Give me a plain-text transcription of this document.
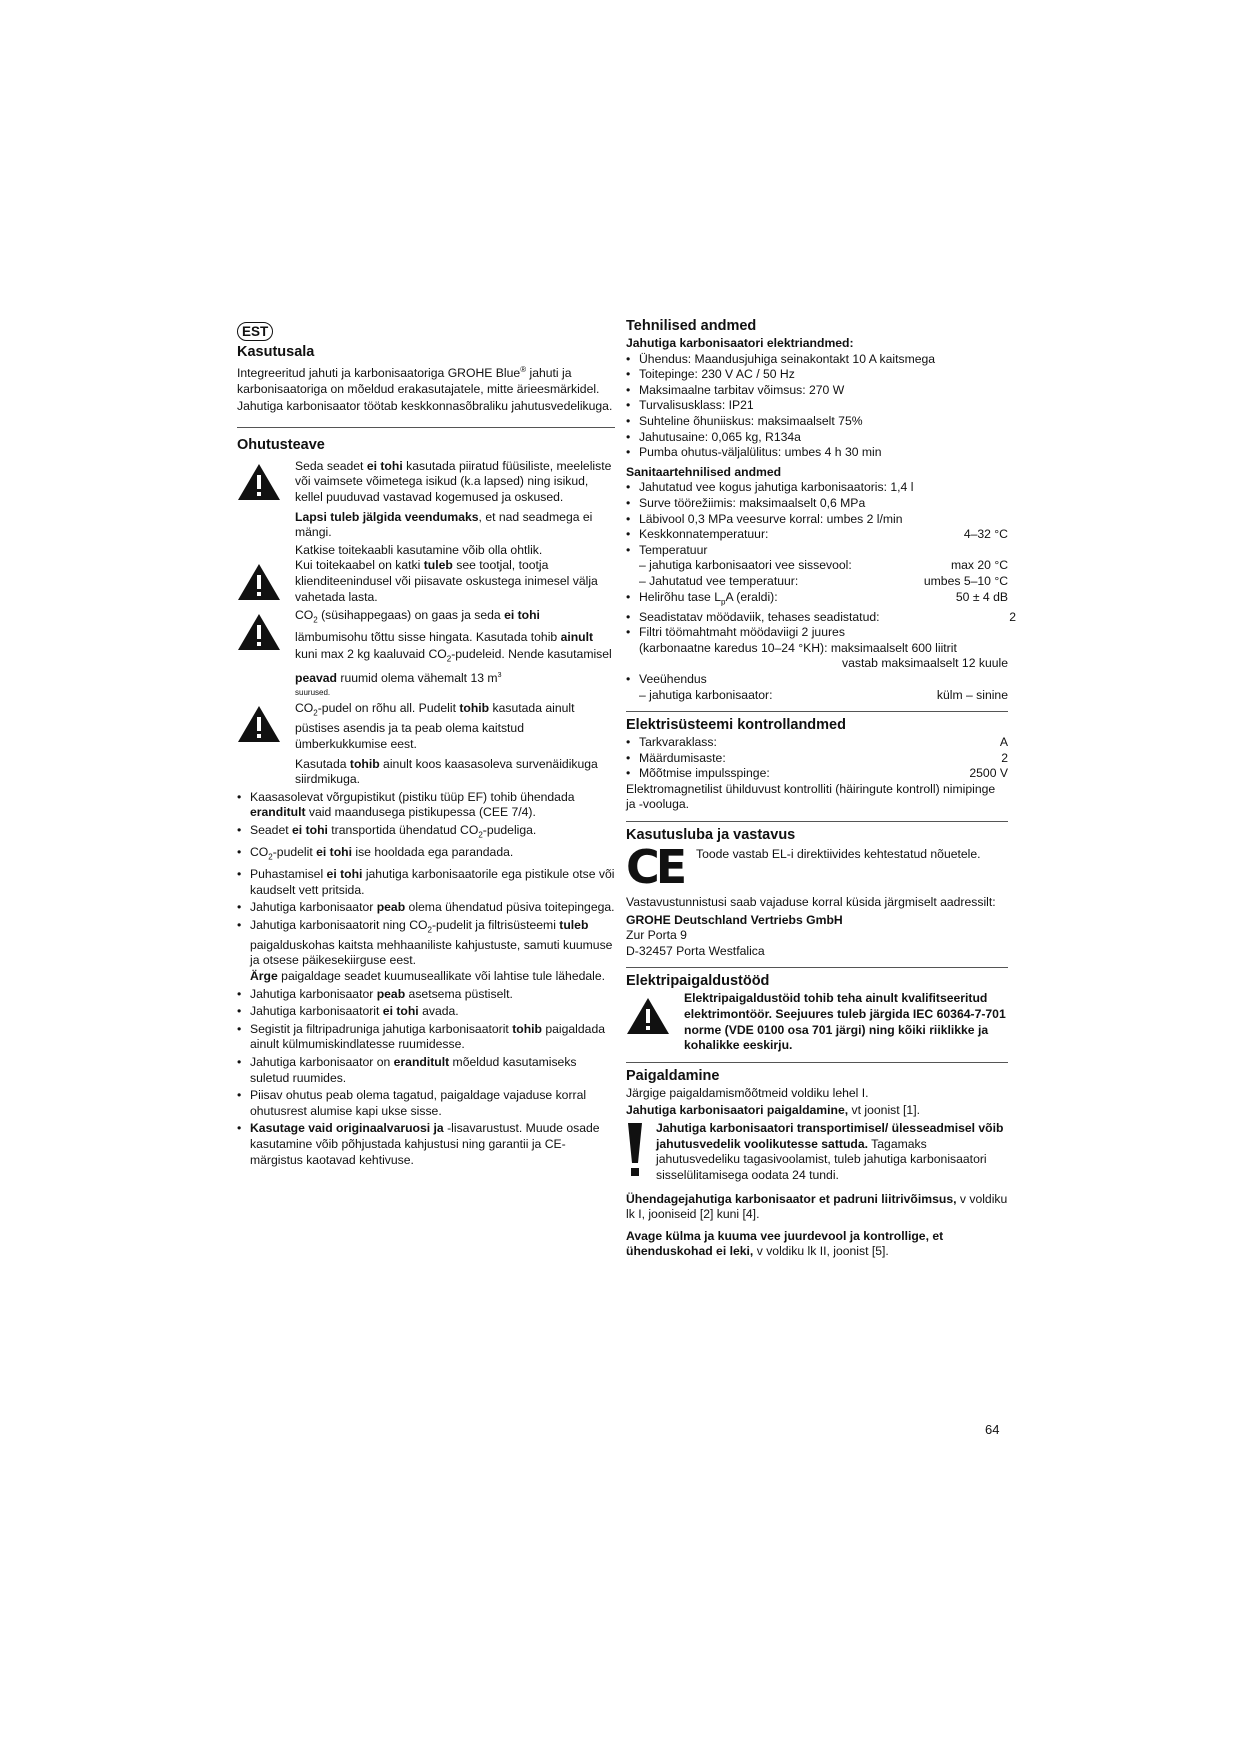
EST
Kasutusala

Integreeritud jahuti ja karbonisaatoriga GROHE Blue® jahuti ja karbonisaatoriga on mõeldud erakasutajatele, mitte ärieesmärkidel.

Jahutiga karbonisaator töötab keskkonnasõbraliku jahutusvedelikuga.

Ohutusteave

Seda seadet ei tohi kasutada piiratud füüsiliste, meeleliste või vaimsete võimetega isikud (k.a lapsed) ning isikud, kellel puuduvad vastavad kogemused ja oskused.

Lapsi tuleb jälgida veendumaks, et nad seadmega ei mängi.

Katkise toitekaabli kasutamine võib olla ohtlik.

Kui toitekaabel on katki tuleb see tootjal, tootja klienditeenindusel või piisavate oskustega inimesel välja vahetada lasta.

$CO_2$ (süsihappegaas) on gaas ja seda ei tohi lämbumisohu tõttu sisse hingata. Kasutada tohib ainult kuni max 2 kg kaaluvaid $CO_2$-pudeleid. Nende kasutamisel peavad ruumid olema vähemalt 13 $m^3$

suurused.

$CO_2$-pudel on rõhu all. Pudelit tohib kasutada ainult püstises asendis ja ta peab olema kaitstud ümberkukkumise eest.

Kasutada tohib ainult koos kaasasoleva survenäidikuga siirdmikuga.

• Kaasasolevat võrgupistikut (pistiku tüüp EF) tohib ühendada eranditult vaid maandusega pistikupessa (CEE 7/4).
• Seadet ei tohi transportida ühendatud $CO_2$-pudeliga.
• $CO_2$-pudelit ei tohi ise hooldada ega parandada.
• Puhastamisel ei tohi jahutiga karbonisaatorile ega pistikule otse või kaudselt vett pritsida.
• Jahutiga karbonisaator peab olema ühendatud püsiva toitepingega.
• Jahutiga karbonisaatorit ning $CO_2$-pudelit ja filtrisüsteemi tuleb paigalduskohas kaitsta mehhaaniliste kahjustuste, samuti kuumuse ja otsese päikesekiirguse eest.
Ärge paigaldage seadet kuumuseallikate või lahtise tule lähedale.
• Jahutiga karbonisaator peab asetsema püstiselt.
• Jahutiga karbonisaatorit ei tohi avada.
• Segistit ja filtripadruniga jahutiga karbonisaatorit tohib paigaldada ainult külmumiskindlatesse ruumidesse.
• Jahutiga karbonisaator on eranditult mõeldud kasutamiseks suletud ruumides.
• Piisav ohutus peab olema tagatud, paigaldage vajaduse korral ohutusrest alumise kapi ukse sisse.
• Kasutage vaid originaalvaruosi ja -lisavarustust. Muude osade kasutamine võib põhjustada kahjustusi ning garantii ja CE-märgistus kaotavad kehtivuse.
Tehnilised andmed

Jahutiga karbonisaatori elektriandmed:

• Ühendus: Maandusjuhiga seinakontakt 10 A kaitsmega
• Toitepinge: 230 V AC / 50 Hz
• Maksimaalne tarbitav võimsus: 270 W
• Turvalisusklass: IP21
• Suhteline õhuniiskus: maksimaalselt 75%
• Jahutusaine: 0,065 kg, R134a
• Pumba ohutus-väljalülitus: umbes 4 h 30 min

Sanitaartehnilised andmed

• Jahutatud vee kogus jahutiga karbonisaatoris: 1,4 l
• Surve töörežiimis: maksimaalselt 0,6 MPa
• Läbivool 0,3 MPa veesurve korral: umbes 2 l/min
• Keskkonnatemperatuur:	4–32 °C
• Temperatuur
– jahutiga karbonisaatori vee sissevool:	max 20 °C
– Jahutatud vee temperatuur:	umbes 5–10 °C
• Helirõhu tase $L_pA$ (eraldi):	50 ± 4 dB
• Seadistatav möödaviik, tehases seadistatud:	2
• Filtri töömahtmaht möödaviigi 2 juures
(karbonaatne karedus 10–24 °KH): maksimaalselt 600 liitrit
vastab maksimaalselt 12 kuule
• Veeühendus
– jahutiga karbonisaator:	külm – sinine
Elektrisüsteemi kontrollandmed
• Tarkvaraklass:	A
• Määrdumisaste:	2
• Mõõtmise impulsspinge:	2500 V

Elektromagnetilist ühilduvust kontrolliti (häiringute kontroll) nimipinge ja -vooluga.

Kasutusluba ja vastavus
CE	Toode vastab EL-i direktiivides kehtestatud nõuetele.

Vastavustunnistusi saab vajaduse korral küsida järgmiselt aadressilt:

GROHE Deutschland Vertriebs GmbH

Zur Porta 9

D-32457 Porta Westfalica

Elektripaigaldustööd
Elektripaigaldustöid tohib teha ainult kvalifitseeritud elektrimontöör. Seejuures tuleb järgida IEC 60364-7-701 norme (VDE 0100 osa 701 järgi) ning kõiki riiklikke ja kohalikke eeskirju.
Paigaldamine

Järgige paigaldamismõõtmeid voldiku lehel I.

Jahutiga karbonisaatori paigaldamine, vt joonist [1].

Jahutiga karbonisaatori transportimisel/ ülesseadmisel võib jahutusvedelik voolikutesse sattuda. Tagamaks jahutusvedeliku tagasivoolamist, tuleb jahutiga karbonisaatori sisselülitamisega oodata 24 tundi.

Ühendagejahutiga karbonisaator et padruni liitrivõimsus, v voldiku lk I, jooniseid [2] kuni [4].

Avage külma ja kuuma vee juurdevool ja kontrollige, et ühenduskohad ei leki, v voldiku lk II, joonist [5].

64
